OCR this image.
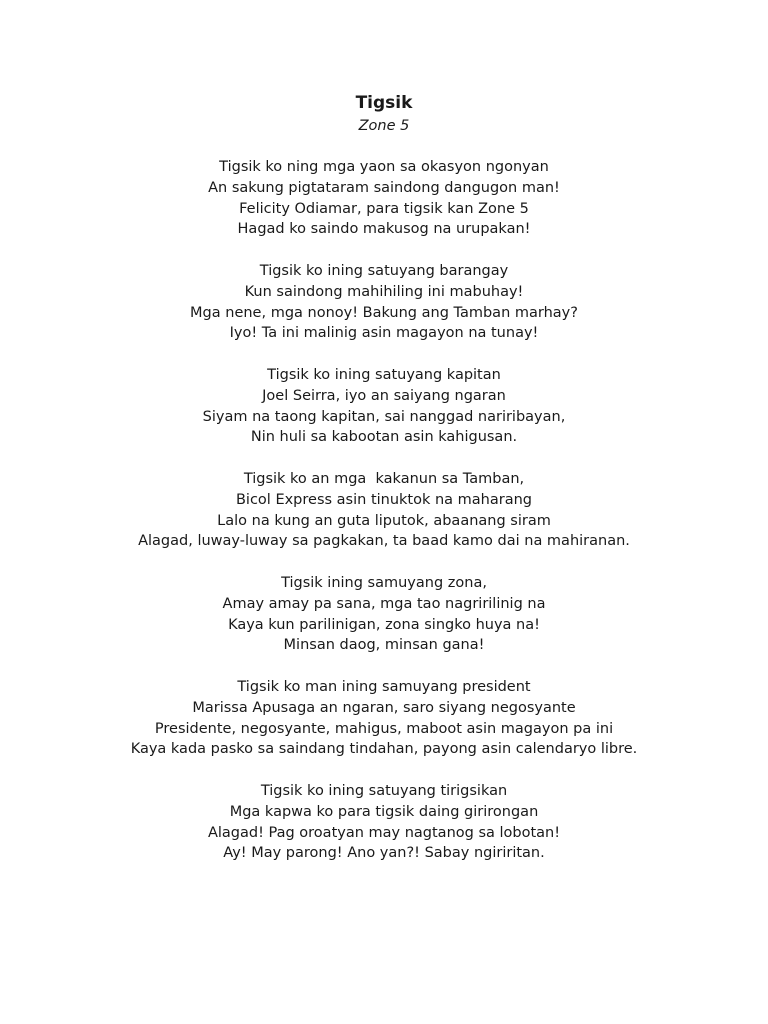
Tigsik
Zone 5
Tigsik ko ning mga yaon sa okasyon ngonyan
An sakung pigtataram saindong dangugon man!
Felicity Odiamar, para tigsik kan Zone 5
Hagad ko saindo makusog na urupakan!
Tigsik ko ining satuyang barangay
Kun saindong mahihiling ini mabuhay!
Mga nene, mga nonoy! Bakung ang Tamban marhay?
Iyo! Ta ini malinig asin magayon na tunay!
Tigsik ko ining satuyang kapitan
Joel Seirra, iyo an saiyang ngaran
Siyam na taong kapitan, sai nanggad nariribayan,
Nin huli sa kabootan asin kahigusan.
Tigsik ko an mga  kakanun sa Tamban,
Bicol Express asin tinuktok na maharang
Lalo na kung an guta liputok, abaanang siram
Alagad, luway-luway sa pagkakan, ta baad kamo dai na mahiranan.
Tigsik ining samuyang zona,
Amay amay pa sana, mga tao nagririlinig na
Kaya kun parilinigan, zona singko huya na!
Minsan daog, minsan gana!
Tigsik ko man ining samuyang president
Marissa Apusaga an ngaran, saro siyang negosyante
Presidente, negosyante, mahigus, maboot asin magayon pa ini
Kaya kada pasko sa saindang tindahan, payong asin calendaryo libre.
Tigsik ko ining satuyang tirigsikan
Mga kapwa ko para tigsik daing girirongan
Alagad! Pag oroatyan may nagtanog sa lobotan!
Ay! May parong! Ano yan?! Sabay ngiriritan.
